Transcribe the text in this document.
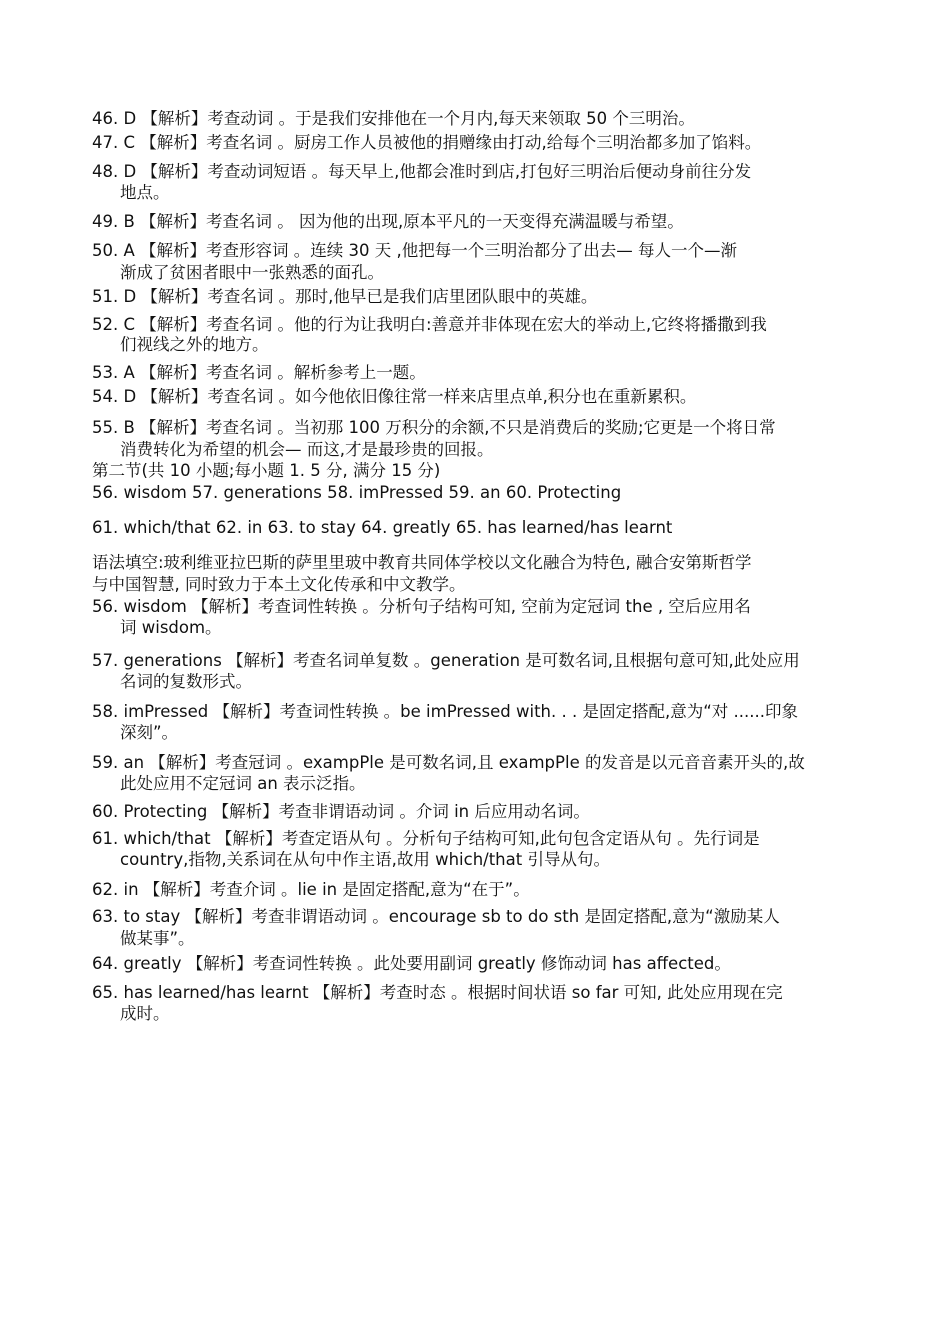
46. D 【解析】考查动词 。于是我们安排他在一个月内,每天来领取 50 个三明治。
47. C 【解析】考查名词 。厨房工作人员被他的捐赠缘由打动,给每个三明治都多加了馅料。
48. D 【解析】考查动词短语 。每天早上,他都会准时到店,打包好三明治后便动身前往分发
地点。
49. B 【解析】考查名词 。 因为他的出现,原本平凡的一天变得充满温暖与希望。
50. A 【解析】考查形容词 。连续 30 天 ,他把每一个三明治都分了出去— 每人一个—渐
渐成了贫困者眼中一张熟悉的面孔。
51. D 【解析】考查名词 。那时,他早已是我们店里团队眼中的英雄。
52. C 【解析】考查名词 。他的行为让我明白:善意并非体现在宏大的举动上,它终将播撒到我
们视线之外的地方。
53. A 【解析】考查名词 。解析参考上一题。
54. D 【解析】考查名词 。如今他依旧像往常一样来店里点单,积分也在重新累积。
55. B 【解析】考查名词 。当初那 100 万积分的余额,不只是消费后的奖励;它更是一个将日常
消费转化为希望的机会— 而这,才是最珍贵的回报。
第二节(共 10 小题;每小题 1. 5 分, 满分 15 分)
56. wisdom 57. generations 58. imPressed 59. an 60. Protecting
61. which/that 62. in 63. to stay 64. greatly 65. has learned/has learnt
语法填空:玻利维亚拉巴斯的萨里里玻中教育共同体学校以文化融合为特色, 融合安第斯哲学
与中国智慧, 同时致力于本土文化传承和中文教学。
56. wisdom 【解析】考查词性转换 。分析句子结构可知, 空前为定冠词 the , 空后应用名
词 wisdom。
57. generations 【解析】考查名词单复数 。generation 是可数名词,且根据句意可知,此处应用
名词的复数形式。
58. imPressed 【解析】考查词性转换 。be imPressed with. . . 是固定搭配,意为“对 ......印象
深刻”。
59. an 【解析】考查冠词 。exampPle 是可数名词,且 exampPle 的发音是以元音音素开头的,故
此处应用不定冠词 an 表示泛指。
60. Protecting 【解析】考查非谓语动词 。介词 in 后应用动名词。
61. which/that 【解析】考查定语从句 。分析句子结构可知,此句包含定语从句 。先行词是
country,指物,关系词在从句中作主语,故用 which/that 引导从句。
62. in 【解析】考查介词 。lie in 是固定搭配,意为“在于”。
63. to stay 【解析】考查非谓语动词 。encourage sb to do sth 是固定搭配,意为“激励某人
做某事”。
64. greatly 【解析】考查词性转换 。此处要用副词 greatly 修饰动词 has affected。
65. has learned/has learnt 【解析】考查时态 。根据时间状语 so far 可知, 此处应用现在完
成时。
